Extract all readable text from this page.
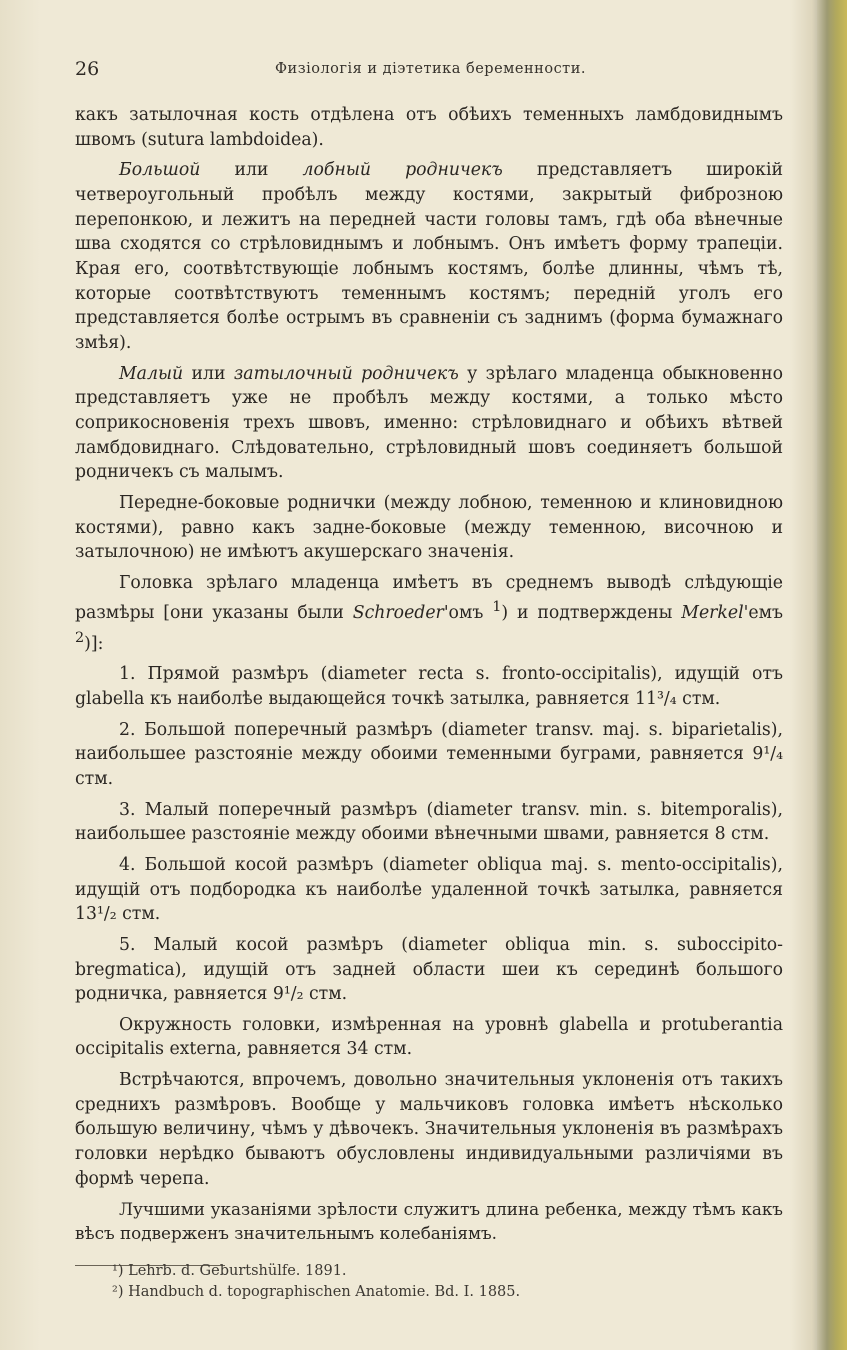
26	Физіологія и діэтетика беременности.

какъ затылочная кость отдѣлена отъ обѣихъ теменныхъ ламбдовиднымъ швомъ (sutura lambdoidea).

Большой или лобный родничекъ представляетъ широкій четвероугольный пробѣлъ между костями, закрытый фиброзною перепонкою, и лежитъ на передней части головы тамъ, гдѣ оба вѣнечные шва сходятся со стрѣловиднымъ и лобнымъ. Онъ имѣетъ форму трапеціи. Края его, соотвѣтствующіе лобнымъ костямъ, болѣе длинны, чѣмъ тѣ, которые соотвѣтствуютъ теменнымъ костямъ; передній уголъ его представляется болѣе острымъ въ сравненіи съ заднимъ (форма бумажнаго змѣя).

Малый или затылочный родничекъ у зрѣлаго младенца обыкновенно представляетъ уже не пробѣлъ между костями, а только мѣсто соприкосновенія трехъ швовъ, именно: стрѣловиднаго и обѣихъ вѣтвей ламбдовиднаго. Слѣдовательно, стрѣловидный шовъ соединяетъ большой родничекъ съ малымъ.

Передне-боковые роднички (между лобною, теменною и клиновидною костями), равно какъ задне-боковые (между теменною, височною и затылочною) не имѣютъ акушерскаго значенія.

Головка зрѣлаго младенца имѣетъ въ среднемъ выводѣ слѣдующіе размѣры [они указаны были Schroeder'омъ $^1$) и подтверждены Merkel'емъ $^2$)]:

1. Прямой размѣръ (diameter recta s. fronto-occipitalis), идущій отъ glabella къ наиболѣе выдающейся точкѣ затылка, равняется 11³/₄ стм.

2. Большой поперечный размѣръ (diameter transv. maj. s. biparietalis), наибольшее разстояніе между обоими теменными буграми, равняется 9¹/₄ стм.

3. Малый поперечный размѣръ (diameter transv. min. s. bitemporalis), наибольшее разстояніе между обоими вѣнечными швами, равняется 8 стм.

4. Большой косой размѣръ (diameter obliqua maj. s. mento-occipitalis), идущій отъ подбородка къ наиболѣе удаленной точкѣ затылка, равняется 13¹/₂ стм.

5. Малый косой размѣръ (diameter obliqua min. s. suboccipito-bregmatica), идущій отъ задней области шеи къ серединѣ большого родничка, равняется 9¹/₂ стм.

Окружность головки, измѣренная на уровнѣ glabella и protuberantia occipitalis externa, равняется 34 стм.

Встрѣчаются, впрочемъ, довольно значительныя уклоненія отъ такихъ среднихъ размѣровъ. Вообще у мальчиковъ головка имѣетъ нѣсколько большую величину, чѣмъ у дѣвочекъ. Значительныя уклоненія въ размѣрахъ головки нерѣдко бываютъ обусловлены индивидуальными различіями въ формѣ черепа.

Лучшими указаніями зрѣлости служитъ длина ребенка, между тѣмъ какъ вѣсъ подверженъ значительнымъ колебаніямъ.

¹) Lehrb. d. Geburtshülfe. 1891.
²) Handbuch d. topographischen Anatomie. Bd. I. 1885.
